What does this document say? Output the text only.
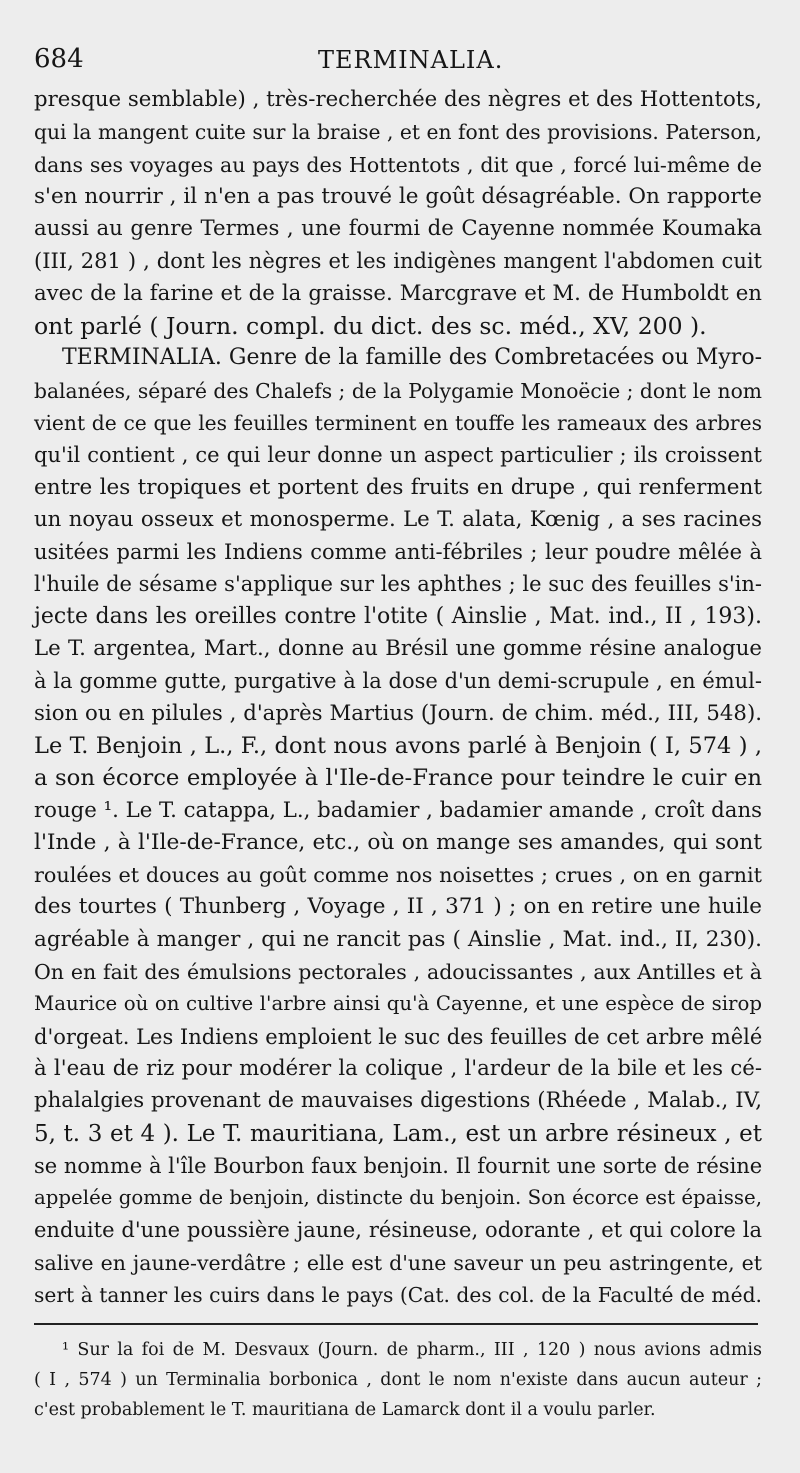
684	TERMINALIA.
presque semblable) , très-recherchée des nègres et des Hottentots,
qui la mangent cuite sur la braise , et en font des provisions. Paterson,
dans ses voyages au pays des Hottentots , dit que , forcé lui-même de
s'en nourrir , il n'en a pas trouvé le goût désagréable. On rapporte
aussi au genre Termes , une fourmi de Cayenne nommée Koumaka
(III, 281 ) , dont les nègres et les indigènes mangent l'abdomen cuit
avec de la farine et de la graisse. Marcgrave et M. de Humboldt en
ont parlé ( Journ. compl. du dict. des sc. méd., XV, 200 ).
TERMINALIA. Genre de la famille des Combretacées ou Myro-
balanées, séparé des Chalefs ; de la Polygamie Monoëcie ; dont le nom
vient de ce que les feuilles terminent en touffe les rameaux des arbres
qu'il contient , ce qui leur donne un aspect particulier ; ils croissent
entre les tropiques et portent des fruits en drupe , qui renferment
un noyau osseux et monosperme. Le T. alata, Kœnig , a ses racines
usitées parmi les Indiens comme anti-fébriles ; leur poudre mêlée à
l'huile de sésame s'applique sur les aphthes ; le suc des feuilles s'in-
jecte dans les oreilles contre l'otite ( Ainslie , Mat. ind., II , 193).
Le T. argentea, Mart., donne au Brésil une gomme résine analogue
à la gomme gutte, purgative à la dose d'un demi-scrupule , en émul-
sion ou en pilules , d'après Martius (Journ. de chim. méd., III, 548).
Le T. Benjoin , L., F., dont nous avons parlé à Benjoin ( I, 574 ) ,
a son écorce employée à l'Ile-de-France pour teindre le cuir en
rouge ¹. Le T. catappa, L., badamier , badamier amande , croît dans
l'Inde , à l'Ile-de-France, etc., où on mange ses amandes, qui sont
roulées et douces au goût comme nos noisettes ; crues , on en garnit
des tourtes ( Thunberg , Voyage , II , 371 ) ; on en retire une huile
agréable à manger , qui ne rancit pas ( Ainslie , Mat. ind., II, 230).
On en fait des émulsions pectorales , adoucissantes , aux Antilles et à
Maurice où on cultive l'arbre ainsi qu'à Cayenne, et une espèce de sirop
d'orgeat. Les Indiens emploient le suc des feuilles de cet arbre mêlé
à l'eau de riz pour modérer la colique , l'ardeur de la bile et les cé-
phalalgies provenant de mauvaises digestions (Rhéede , Malab., IV,
5, t. 3 et 4 ). Le T. mauritiana, Lam., est un arbre résineux , et
se nomme à l'île Bourbon faux benjoin. Il fournit une sorte de résine
appelée gomme de benjoin, distincte du benjoin. Son écorce est épaisse,
enduite d'une poussière jaune, résineuse, odorante , et qui colore la
salive en jaune-verdâtre ; elle est d'une saveur un peu astringente, et
sert à tanner les cuirs dans le pays (Cat. des col. de la Faculté de méd.
¹ Sur la foi de M. Desvaux (Journ. de pharm., III , 120 ) nous avions admis
( I , 574 ) un Terminalia borbonica , dont le nom n'existe dans aucun auteur ;
c'est probablement le T. mauritiana de Lamarck dont il a voulu parler.
